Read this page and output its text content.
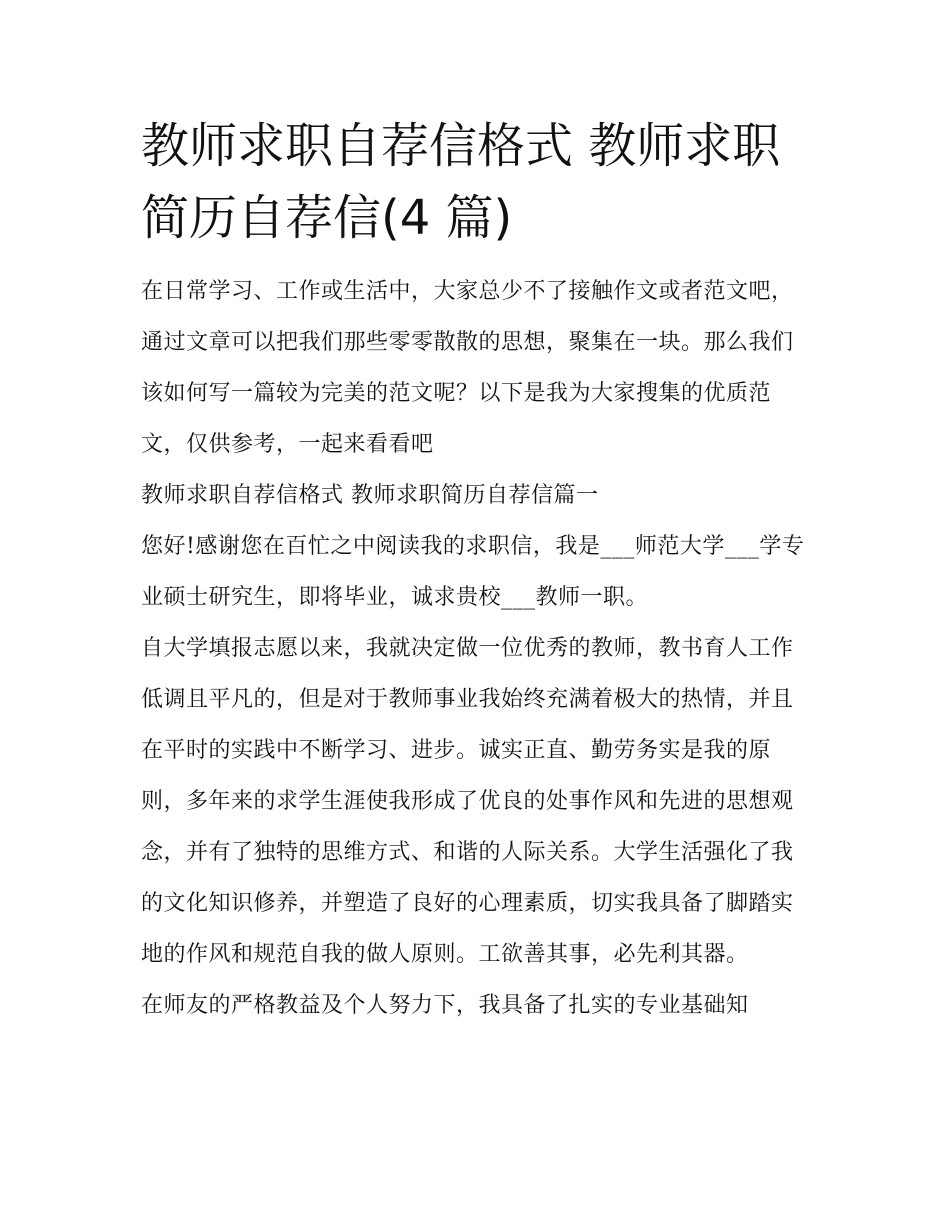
教师求职自荐信格式 教师求职
简历自荐信(4 篇)

在日常学习、工作或生活中，大家总少不了接触作文或者范文吧，通过文章可以把我们那些零零散散的思想，聚集在一块。那么我们该如何写一篇较为完美的范文呢？以下是我为大家搜集的优质范文，仅供参考，一起来看看吧

教师求职自荐信格式 教师求职简历自荐信篇一

您好!感谢您在百忙之中阅读我的求职信，我是___师范大学___学专业硕士研究生，即将毕业，诚求贵校___教师一职。

自大学填报志愿以来，我就决定做一位优秀的教师，教书育人工作低调且平凡的，但是对于教师事业我始终充满着极大的热情，并且在平时的实践中不断学习、进步。诚实正直、勤劳务实是我的原则，多年来的求学生涯使我形成了优良的处事作风和先进的思想观念，并有了独特的思维方式、和谐的人际关系。大学生活强化了我的文化知识修养，并塑造了良好的心理素质，切实我具备了脚踏实地的作风和规范自我的做人原则。工欲善其事，必先利其器。

在师友的严格教益及个人努力下，我具备了扎实的专业基础知
